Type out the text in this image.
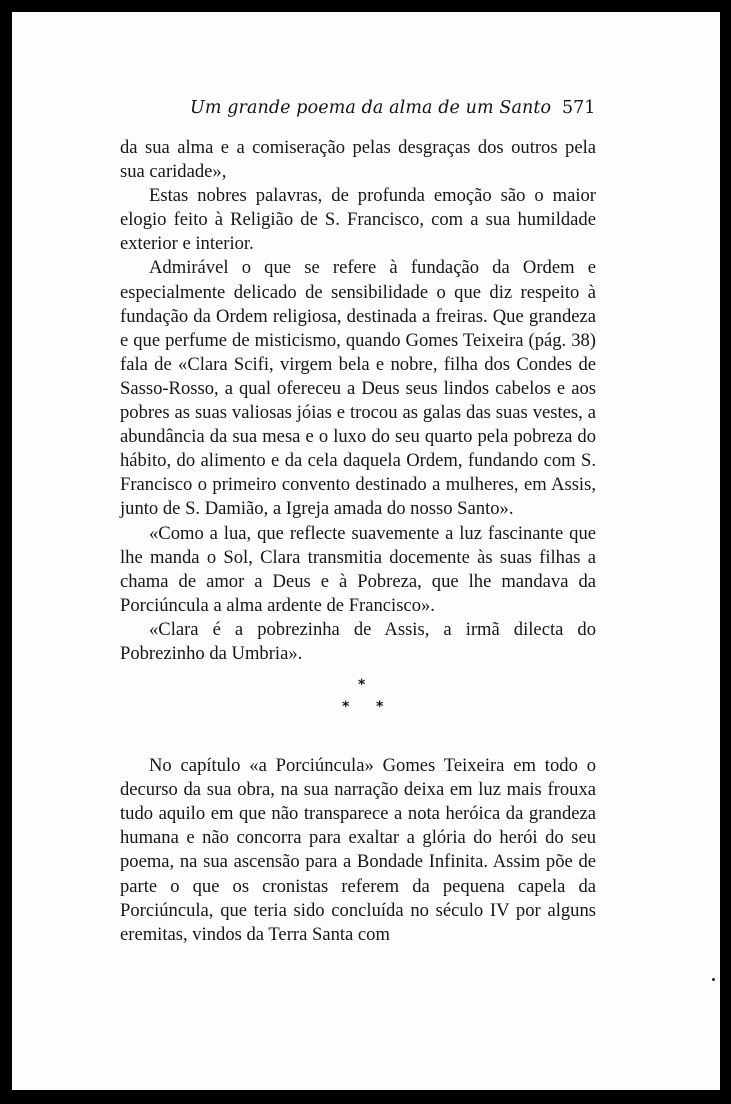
Um grande poema da alma de um Santo 571

da sua alma e a comiseração pelas desgraças dos outros pela sua caridade»,

Estas nobres palavras, de profunda emoção são o maior elogio feito à Religião de S. Francisco, com a sua humildade exterior e interior.

Admirável o que se refere à fundação da Ordem e especialmente delicado de sensibilidade o que diz respeito à fundação da Ordem religiosa, destinada a freiras. Que grandeza e que perfume de misticismo, quando Gomes Teixeira (pág. 38) fala de «Clara Scifi, virgem bela e nobre, filha dos Condes de Sasso-Rosso, a qual ofereceu a Deus seus lindos cabelos e aos pobres as suas valiosas jóias e trocou as galas das suas vestes, a abundância da sua mesa e o luxo do seu quarto pela pobreza do hábito, do alimento e da cela daquela Ordem, fundando com S. Francisco o primeiro convento destinado a mulheres, em Assis, junto de S. Damião, a Igreja amada do nosso Santo».

«Como a lua, que reflecte suavemente a luz fascinante que lhe manda o Sol, Clara transmitia docemente às suas filhas a chama de amor a Deus e à Pobreza, que lhe mandava da Porciúncula a alma ardente de Francisco».

«Clara é a pobrezinha de Assis, a irmã dilecta do Pobrezinho da Umbria».

*
* *

No capítulo «a Porciúncula» Gomes Teixeira em todo o decurso da sua obra, na sua narração deixa em luz mais frouxa tudo aquilo em que não transparece a nota heróica da grandeza humana e não concorra para exaltar a glória do herói do seu poema, na sua ascensão para a Bondade Infinita. Assim põe de parte o que os cronistas referem da pequena capela da Porciúncula, que teria sido concluída no século IV por alguns eremitas, vindos da Terra Santa com
